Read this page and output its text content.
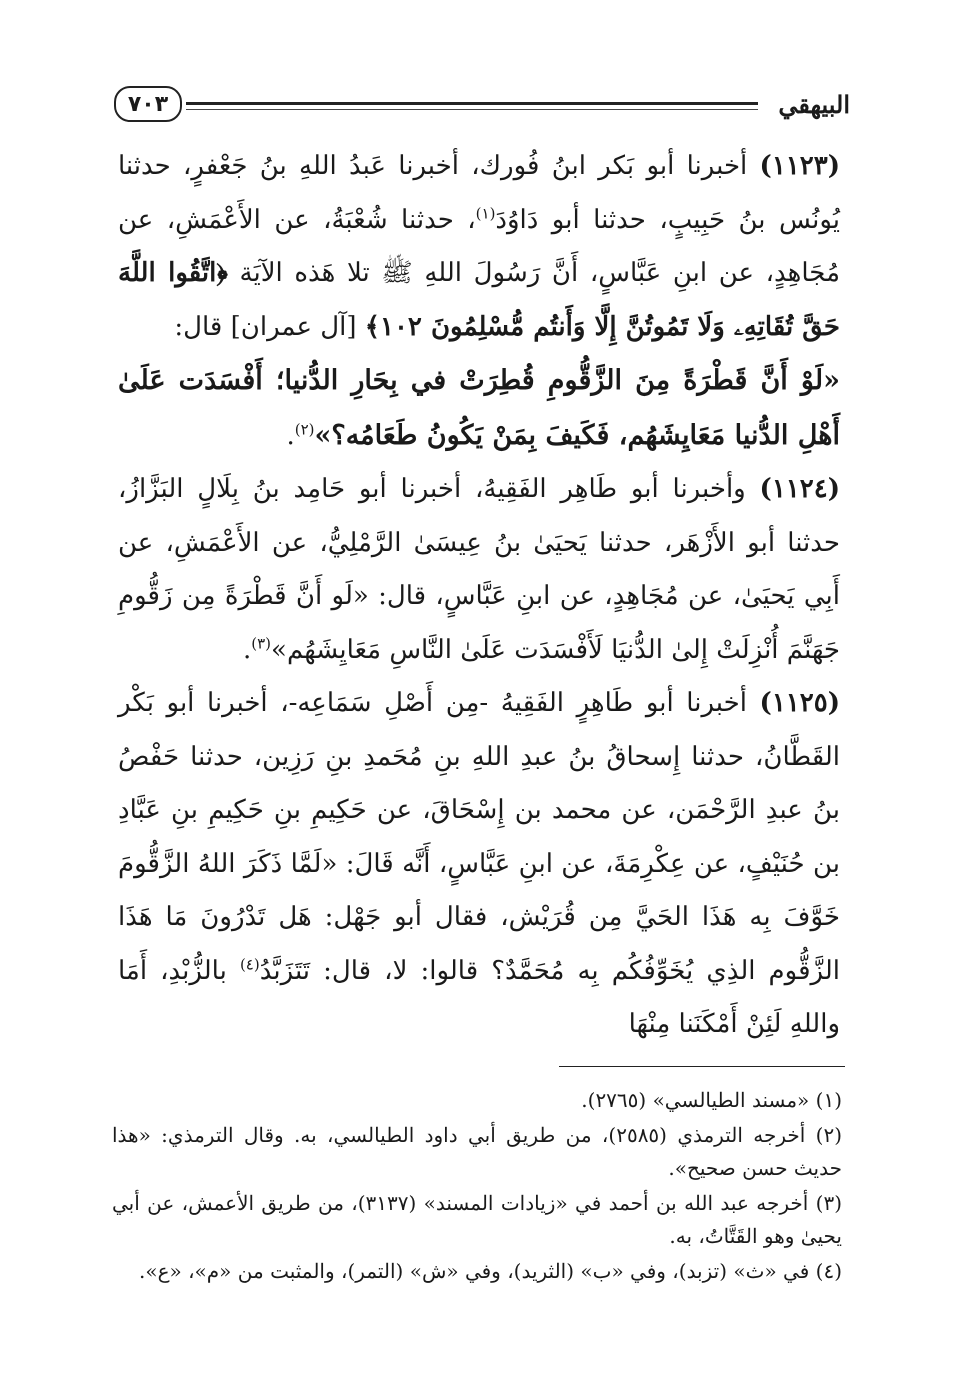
البيهقي
٧٠٣

(١١٢٣) أخبرنا أبو بَكر ابنُ فُورك، أخبرنا عَبدُ اللهِ بنُ جَعْفرٍ، حدثنا يُونُس بنُ حَبِيبٍ، حدثنا أبو دَاوُدَ$^{(١)}$، حدثنا شُعْبَةُ، عن الأَعْمَشِ، عن مُجَاهِدٍ، عن ابنِ عَبَّاسٍ، أَنَّ رَسُولَ اللهِ ﷺ تلا هَذه الآيَة ﴿اتَّقُوا اللَّهَ حَقَّ تُقَاتِهِۦ وَلَا تَمُوتُنَّ إِلَّا وَأَنتُم مُّسْلِمُونَ ١٠٢﴾ [آل عمران] قال:

«لَوْ أَنَّ قَطْرَةً مِنَ الزَّقُّومِ قُطِرَتْ في بِحَارِ الدُّنيا؛ أَفْسَدَت عَلَىٰ أَهْلِ الدُّنيا مَعَايِشَهُم، فَكَيفَ بِمَنْ يَكُونُ طَعَامُه؟»$^{(٢)}$.

(١١٢٤) وأخبرنا أبو طَاهِر الفَقِيهُ، أخبرنا أبو حَامِد بنُ بِلَالٍ البَزَّازُ، حدثنا أبو الأَزْهَر، حدثنا يَحيَىٰ بنُ عِيسَىٰ الرَّمْلِيُّ، عن الأَعْمَشِ، عن أَبِي يَحيَىٰ، عن مُجَاهِدٍ، عن ابنِ عَبَّاسٍ، قال: «لَو أَنَّ قَطْرَةً مِن زَقُّومِ جَهَنَّمَ أُنْزِلَتْ إِلىٰ الدُّنيَا لَأَفْسَدَت عَلَىٰ النَّاسِ مَعَايِشَهُم»$^{(٣)}$.

(١١٢٥) أخبرنا أبو طَاهِرٍ الفَقِيهُ -مِن أَصْلِ سَمَاعِه-، أخبرنا أبو بَكْر القَطَّانُ، حدثنا إِسحاقُ بنُ عبدِ اللهِ بنِ مُحَمدِ بنِ رَزِين، حدثنا حَفْصُ بنُ عبدِ الرَّحْمَن، عن محمد بن إِسْحَاقَ، عن حَكِيمِ بنِ حَكِيمِ بنِ عَبَّادِ بن حُنَيْفٍ، عن عِكْرِمَةَ، عن ابنِ عَبَّاسٍ، أَنَّه قَالَ: «لَمَّا ذَكَرَ اللهُ الزَّقُّومَ خَوَّفَ بِه هَذَا الحَيَّ مِن قُرَيْش، فقال أبو جَهْل: هَل تَدْرُونَ مَا هَذَا الزَّقُّوم الذِي يُخَوِّفُكُم بِه مُحَمَّدٌ؟ قالوا: لا، قال: تَتَزَبَّدُ$^{(٤)}$ بالزُّبْدِ، أَمَا واللهِ لَئِنْ أَمْكَنَنا مِنْهَا

(١) «مسند الطيالسي» (٢٧٦٥).

(٢) أخرجه الترمذي (٢٥٨٥)، من طريق أبي داود الطيالسي، به. وقال الترمذي: «هذا حديث حسن صحيح».

(٣) أخرجه عبد الله بن أحمد في «زيادات المسند» (٣١٣٧)، من طريق الأعمش، عن أبي يحيىٰ وهو القَتَّاتُ، به.

(٤) في «ث» (تزبد)، وفي «ب» (الثريد)، وفي «ش» (التمر)، والمثبت من «م»، «ع».
